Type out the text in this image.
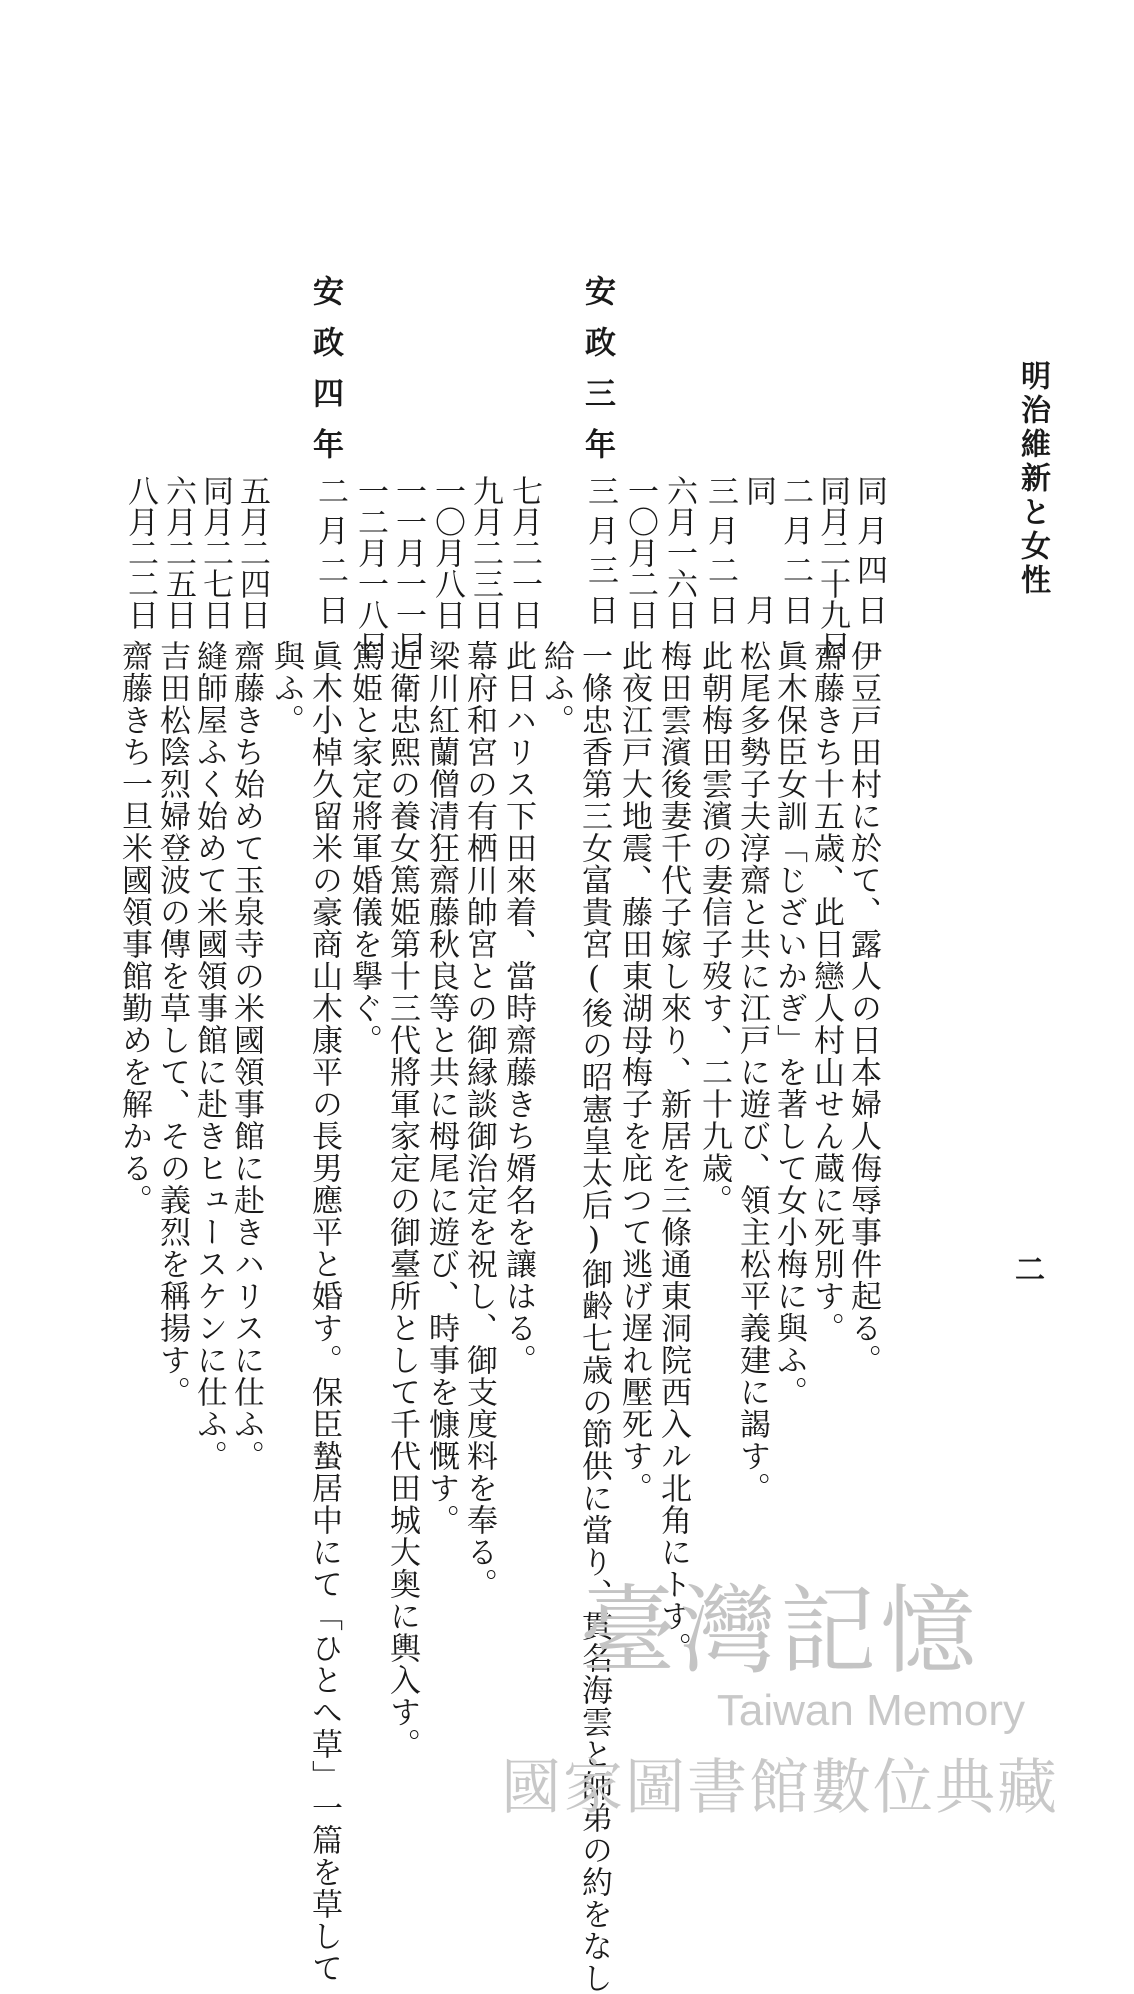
明治維新と女性
二
安政三年
安政四年
同月四日
伊豆戸田村に於て、露人の日本婦人侮辱事件起る。
同月二十九日
齋藤きち十五歳、此日戀人村山せん蔵に死別す。
二月二日
眞木保臣女訓「じざいかぎ」を著して女小梅に與ふ。
同月
松尾多勢子夫淳齋と共に江戸に遊び、領主松平義建に謁す。
三月二日
此朝梅田雲濱の妻信子歿す、二十九歳。
六月一六日
梅田雲濱後妻千代子嫁し來り、新居を三條通東洞院西入ル北角にトす。
一〇月二日
此夜江戸大地震、藤田東湖母梅子を庇つて逃げ遅れ壓死す。
三月三日
一條忠香第三女富貴宮(後の昭憲皇太后)御齢七歳の節供に當り、貫名海雲と師弟の約をなし
給ふ。
七月二一日
此日ハリス下田來着、當時齋藤きち婿名を讓はる。
九月二三日
幕府和宮の有栖川帥宮との御縁談御治定を祝し、御支度料を奉る。
一〇月八日
梁川紅蘭僧清狂齋藤秋良等と共に栂尾に遊び、時事を慷慨す。
一一月一一日
近衛忠熙の養女篤姫第十三代將軍家定の御臺所として千代田城大奥に輿入す。
一二月一八日
篤姫と家定將軍婚儀を擧ぐ。
二月二日
眞木小棹久留米の豪商山木康平の長男應平と婚す。保臣蟄居中にて「ひとへ草」一篇を草して
與ふ。
五月二四日
齋藤きち始めて玉泉寺の米國領事館に赴きハリスに仕ふ。
同月二七日
縫師屋ふく始めて米國領事館に赴きヒュースケンに仕ふ。
六月二五日
吉田松陰烈婦登波の傳を草して、その義烈を稱揚す。
八月二二日
齋藤きち一旦米國領事館勤めを解かる。
臺灣記憶
Taiwan Memory
國家圖書館數位典藏
